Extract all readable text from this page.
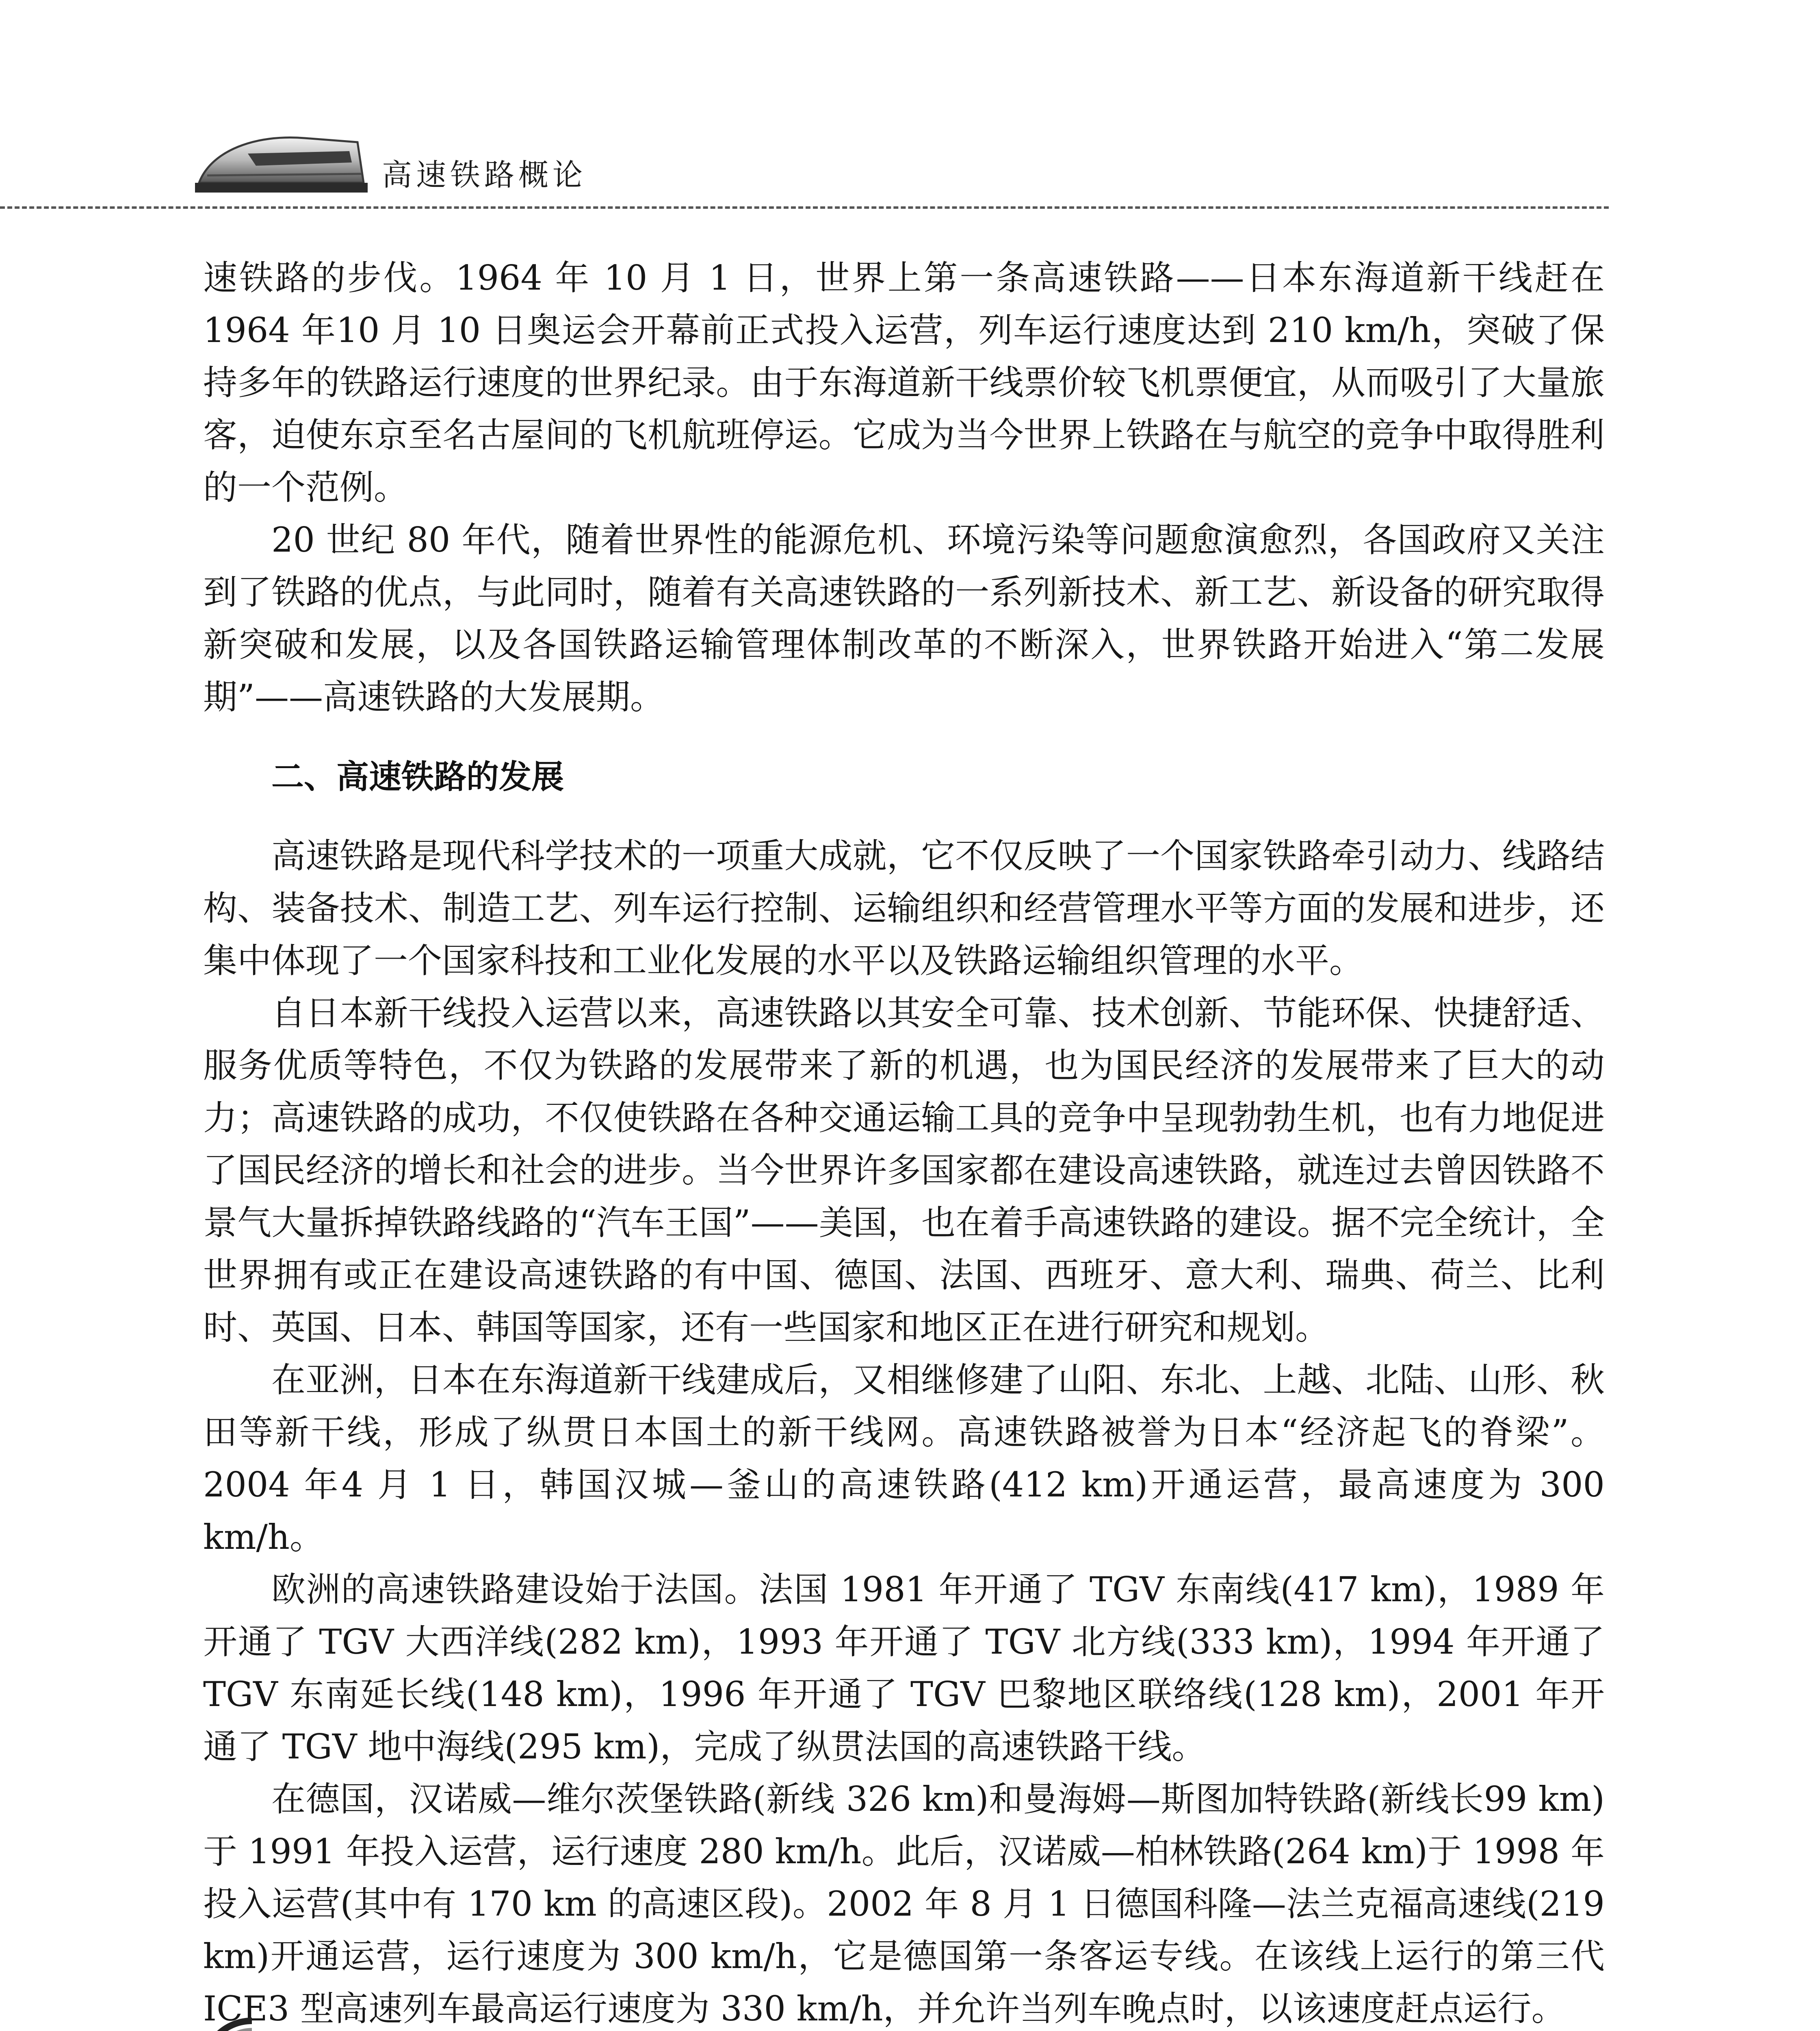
高速铁路概论

速铁路的步伐。1964 年 10 月 1 日，世界上第一条高速铁路——日本东海道新干线赶在 1964 年10 月 10 日奥运会开幕前正式投入运营，列车运行速度达到 210 km/h，突破了保持多年的铁路运行速度的世界纪录。由于东海道新干线票价较飞机票便宜，从而吸引了大量旅客，迫使东京至名古屋间的飞机航班停运。它成为当今世界上铁路在与航空的竞争中取得胜利的一个范例。

20 世纪 80 年代，随着世界性的能源危机、环境污染等问题愈演愈烈，各国政府又关注到了铁路的优点，与此同时，随着有关高速铁路的一系列新技术、新工艺、新设备的研究取得新突破和发展，以及各国铁路运输管理体制改革的不断深入，世界铁路开始进入“第二发展期”——高速铁路的大发展期。

二、高速铁路的发展

高速铁路是现代科学技术的一项重大成就，它不仅反映了一个国家铁路牵引动力、线路结构、装备技术、制造工艺、列车运行控制、运输组织和经营管理水平等方面的发展和进步，还集中体现了一个国家科技和工业化发展的水平以及铁路运输组织管理的水平。

自日本新干线投入运营以来，高速铁路以其安全可靠、技术创新、节能环保、快捷舒适、服务优质等特色，不仅为铁路的发展带来了新的机遇，也为国民经济的发展带来了巨大的动力；高速铁路的成功，不仅使铁路在各种交通运输工具的竞争中呈现勃勃生机，也有力地促进了国民经济的增长和社会的进步。当今世界许多国家都在建设高速铁路，就连过去曾因铁路不景气大量拆掉铁路线路的“汽车王国”——美国，也在着手高速铁路的建设。据不完全统计，全世界拥有或正在建设高速铁路的有中国、德国、法国、西班牙、意大利、瑞典、荷兰、比利时、英国、日本、韩国等国家，还有一些国家和地区正在进行研究和规划。

在亚洲，日本在东海道新干线建成后，又相继修建了山阳、东北、上越、北陆、山形、秋田等新干线，形成了纵贯日本国土的新干线网。高速铁路被誉为日本“经济起飞的脊梁”。2004 年4 月 1 日，韩国汉城—釜山的高速铁路(412 km)开通运营，最高速度为 300 km/h。

欧洲的高速铁路建设始于法国。法国 1981 年开通了 TGV 东南线(417 km)，1989 年开通了 TGV 大西洋线(282 km)，1993 年开通了 TGV 北方线(333 km)，1994 年开通了 TGV 东南延长线(148 km)，1996 年开通了 TGV 巴黎地区联络线(128 km)，2001 年开通了 TGV 地中海线(295 km)，完成了纵贯法国的高速铁路干线。

在德国，汉诺威—维尔茨堡铁路(新线 326 km)和曼海姆—斯图加特铁路(新线长99 km)于 1991 年投入运营，运行速度 280 km/h。此后，汉诺威—柏林铁路(264 km)于 1998 年投入运营(其中有 170 km 的高速区段)。2002 年 8 月 1 日德国科隆—法兰克福高速线(219 km)开通运营，运行速度为 300 km/h，它是德国第一条客运专线。在该线上运行的第三代 ICE3 型高速列车最高运行速度为 330 km/h，并允许当列车晚点时，以该速度赶点运行。
